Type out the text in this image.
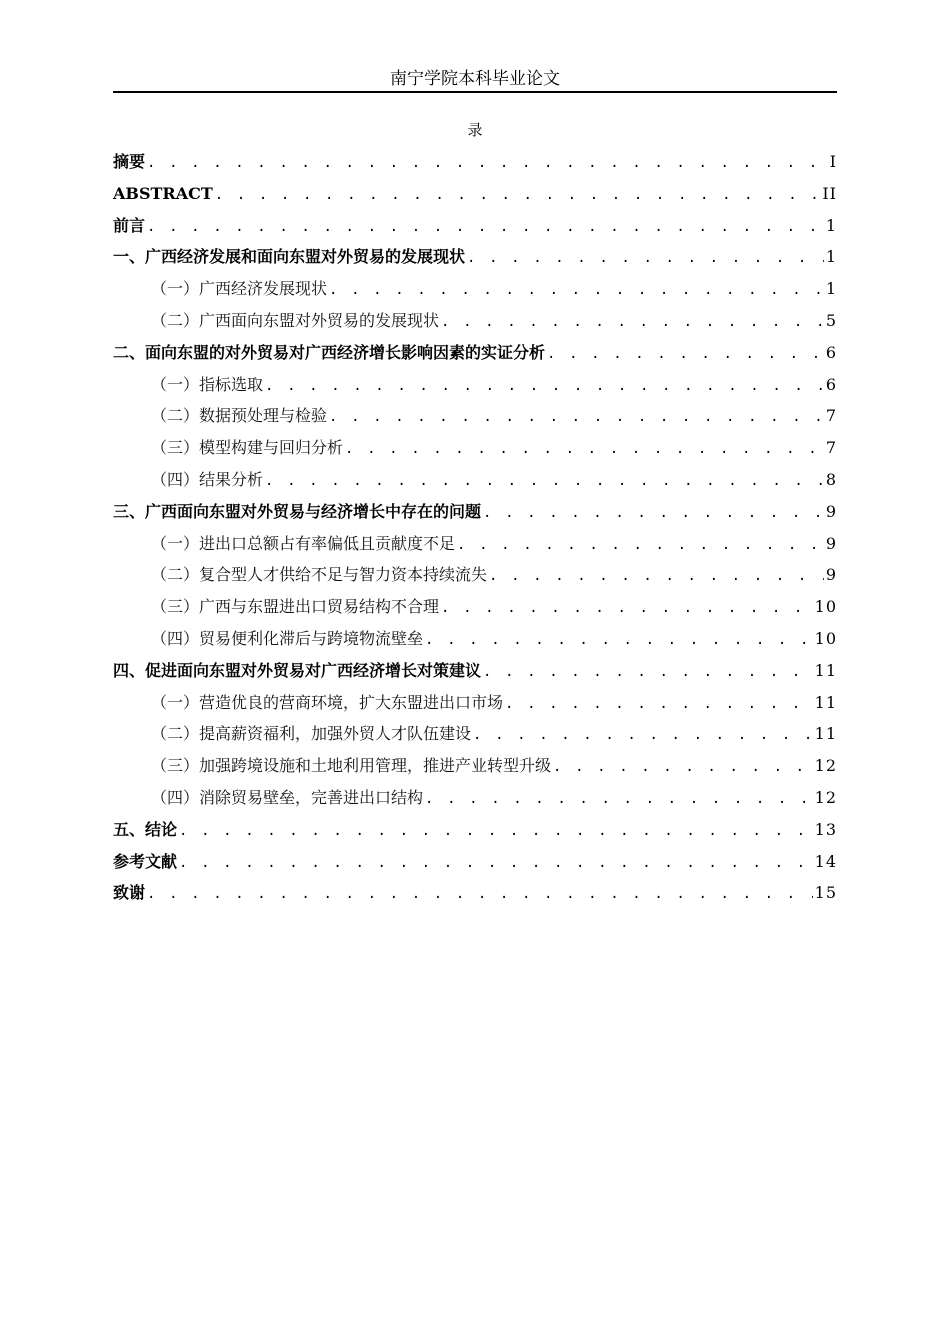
南宁学院本科毕业论文
录
摘要 . . .	I
ABSTRACT . . .	II
前言 . . .	1
一、广西经济发展和面向东盟对外贸易的发展现状 . . .	1
（一）广西经济发展现状 . . .	1
（二）广西面向东盟对外贸易的发展现状 . . .	5
二、面向东盟的对外贸易对广西经济增长影响因素的实证分析 . . .	6
（一）指标选取 . . .	6
（二）数据预处理与检验 . . .	7
（三）模型构建与回归分析 . . .	7
（四）结果分析 . . .	8
三、广西面向东盟对外贸易与经济增长中存在的问题 . . .	9
（一）进出口总额占有率偏低且贡献度不足 . . .	9
（二）复合型人才供给不足与智力资本持续流失 . . .	9
（三）广西与东盟进出口贸易结构不合理 . . .	10
（四）贸易便利化滞后与跨境物流壁垒 . . .	10
四、促进面向东盟对外贸易对广西经济增长对策建议 . . .	11
（一）营造优良的营商环境，扩大东盟进出口市场 . . .	11
（二）提高薪资福利，加强外贸人才队伍建设 . . .	11
（三）加强跨境设施和土地利用管理，推进产业转型升级 . . .	12
（四）消除贸易壁垒，完善进出口结构 . . .	12
五、结论 . . .	13
参考文献 . . .	14
致谢 . . .	15
